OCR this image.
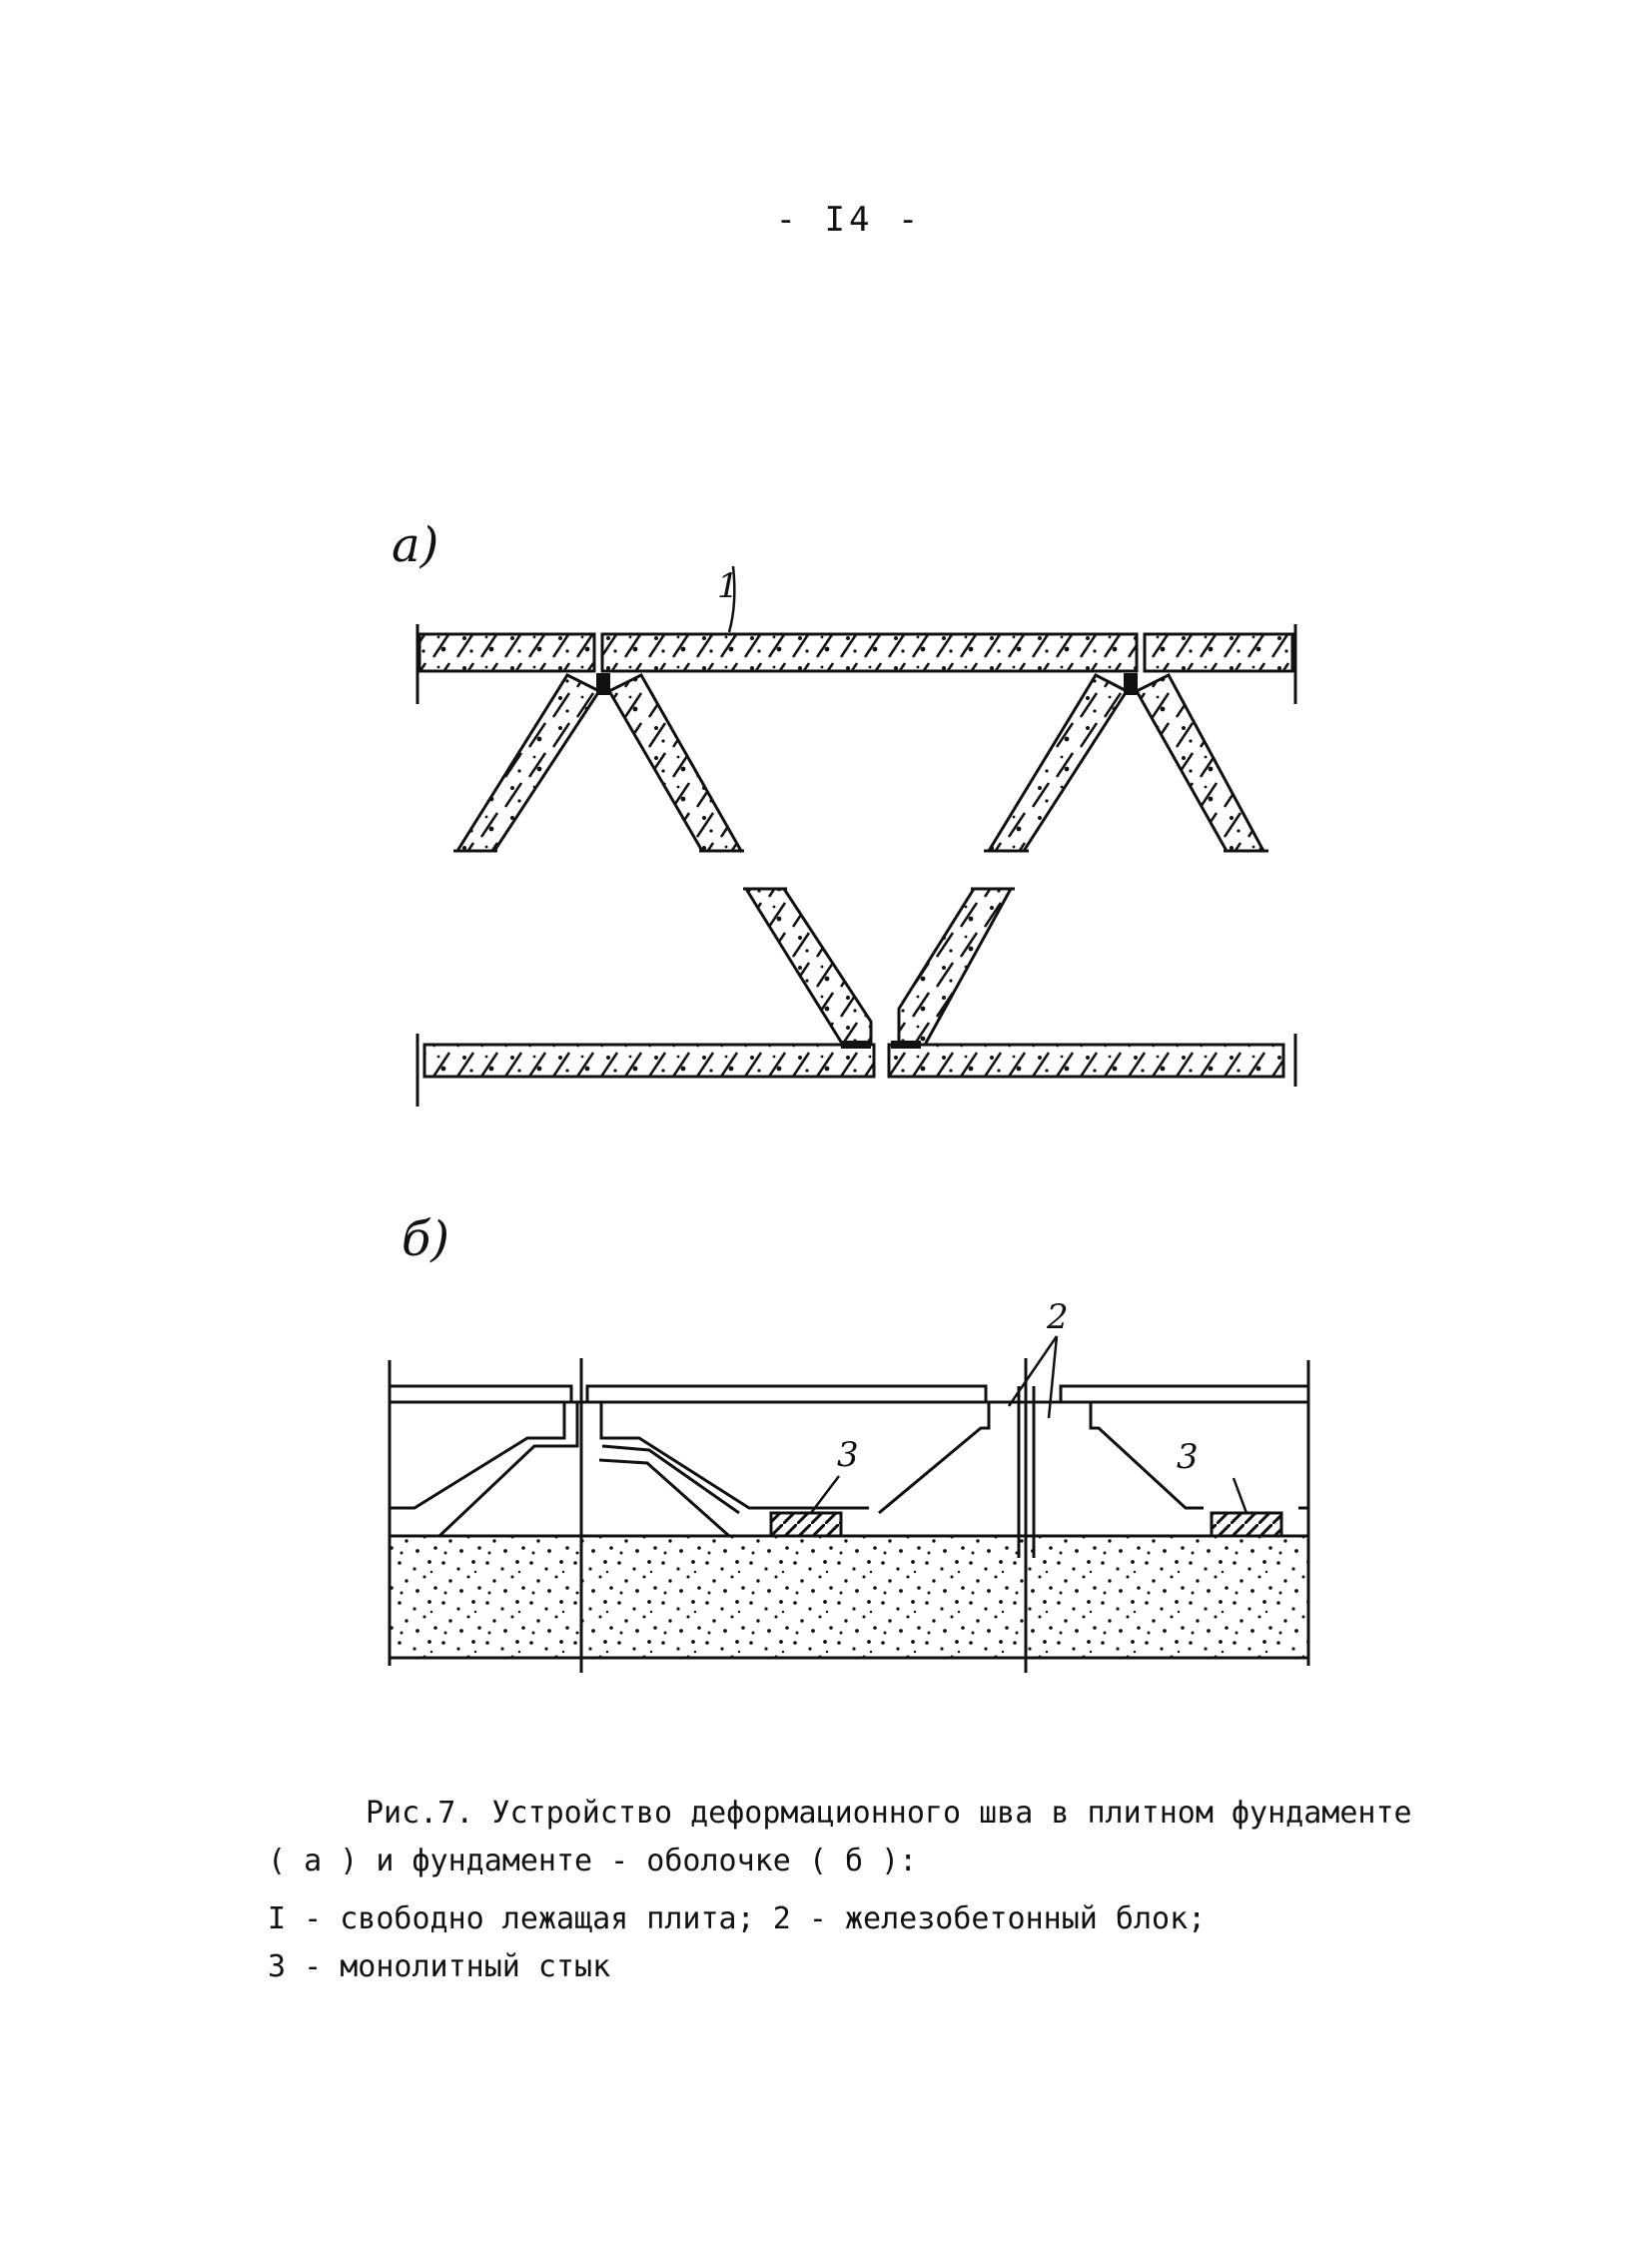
- I4 -
а)
б)
1
2
3	3

Рис.7. Устройство деформационного шва в плитном фундаменте

( а ) и фундаменте - оболочке ( б ):

I - свободно лежащая плита; 2 - железобетонный блок;

3 - монолитный стык
